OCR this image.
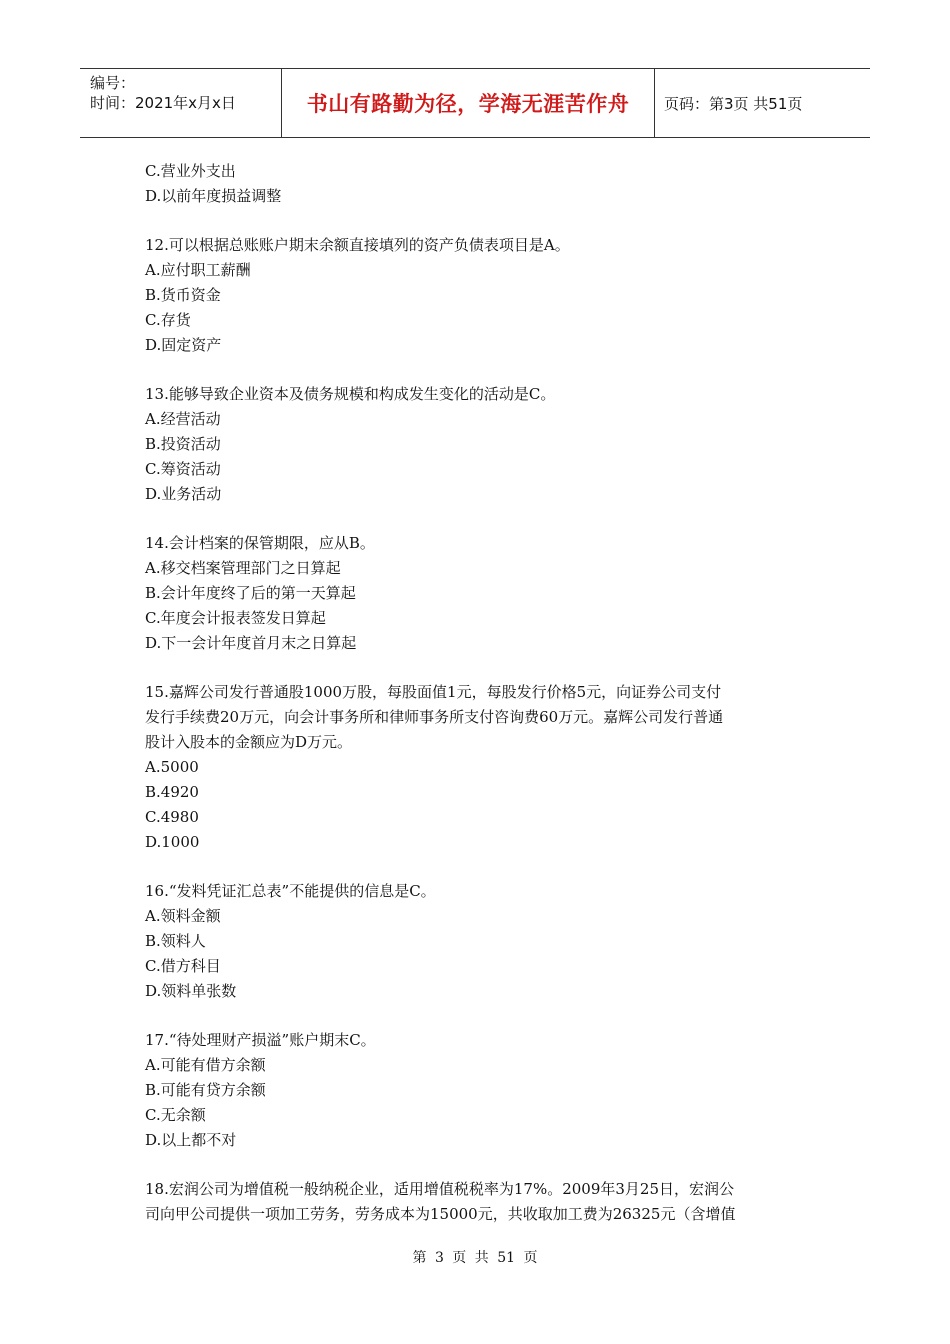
编号：
时间：2021年x月x日	书山有路勤为径，学海无涯苦作舟	页码：第3页 共51页
C.营业外支出
D.以前年度损益调整
12.可以根据总账账户期末余额直接填列的资产负债表项目是A。
A.应付职工薪酬
B.货币资金
C.存货
D.固定资产
13.能够导致企业资本及债务规模和构成发生变化的活动是C。
A.经营活动
B.投资活动
C.筹资活动
D.业务活动
14.会计档案的保管期限，应从B。
A.移交档案管理部门之日算起
B.会计年度终了后的第一天算起
C.年度会计报表签发日算起
D.下一会计年度首月末之日算起
15.嘉辉公司发行普通股1000万股，每股面值1元，每股发行价格5元，向证券公司支付
发行手续费20万元，向会计事务所和律师事务所支付咨询费60万元。嘉辉公司发行普通
股计入股本的金额应为D万元。
A.5000
B.4920
C.4980
D.1000
16.“发料凭证汇总表”不能提供的信息是C。
A.领料金额
B.领料人
C.借方科目
D.领料单张数
17.“待处理财产损溢”账户期末C。
A.可能有借方余额
B.可能有贷方余额
C.无余额
D.以上都不对
18.宏润公司为增值税一般纳税企业，适用增值税税率为17%。2009年3月25日，宏润公
司向甲公司提供一项加工劳务，劳务成本为15000元，共收取加工费为26325元（含增值
第 3 页 共 51 页
